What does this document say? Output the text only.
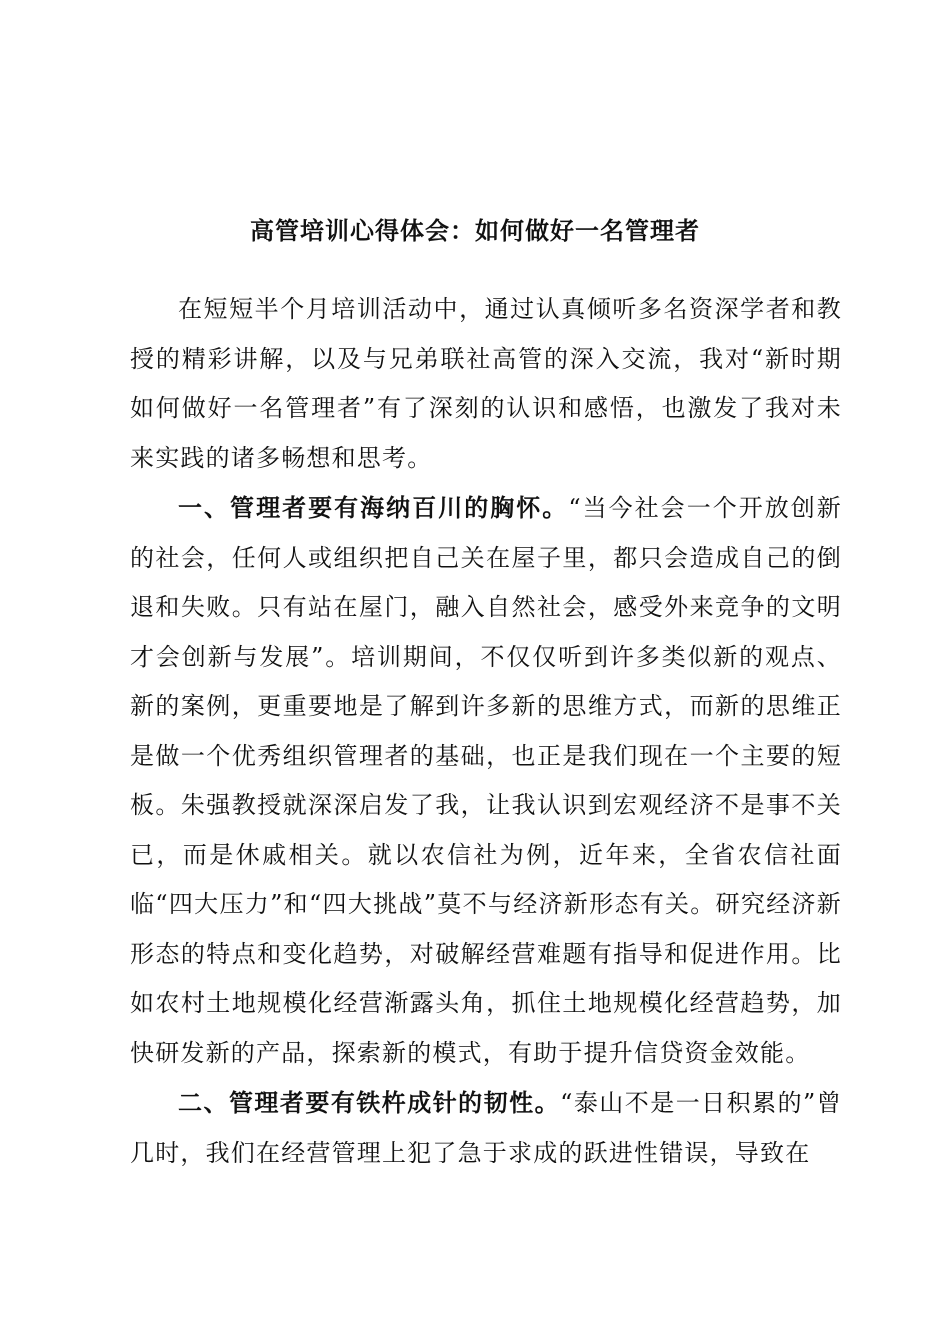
高管培训心得体会：如何做好一名管理者

在短短半个月培训活动中，通过认真倾听多名资深学者和教授的精彩讲解，以及与兄弟联社高管的深入交流，我对“新时期如何做好一名管理者”有了深刻的认识和感悟，也激发了我对未来实践的诸多畅想和思考。

一、管理者要有海纳百川的胸怀。“当今社会一个开放创新的社会，任何人或组织把自己关在屋子里，都只会造成自己的倒退和失败。只有站在屋门，融入自然社会，感受外来竞争的文明才会创新与发展”。培训期间，不仅仅听到许多类似新的观点、新的案例，更重要地是了解到许多新的思维方式，而新的思维正是做一个优秀组织管理者的基础，也正是我们现在一个主要的短板。朱强教授就深深启发了我，让我认识到宏观经济不是事不关已，而是休戚相关。就以农信社为例，近年来，全省农信社面临“四大压力”和“四大挑战”莫不与经济新形态有关。研究经济新形态的特点和变化趋势，对破解经营难题有指导和促进作用。比如农村土地规模化经营渐露头角，抓住土地规模化经营趋势，加快研发新的产品，探索新的模式，有助于提升信贷资金效能。

二、管理者要有铁杵成针的韧性。“泰山不是一日积累的”曾几时，我们在经营管理上犯了急于求成的跃进性错误，导致在
